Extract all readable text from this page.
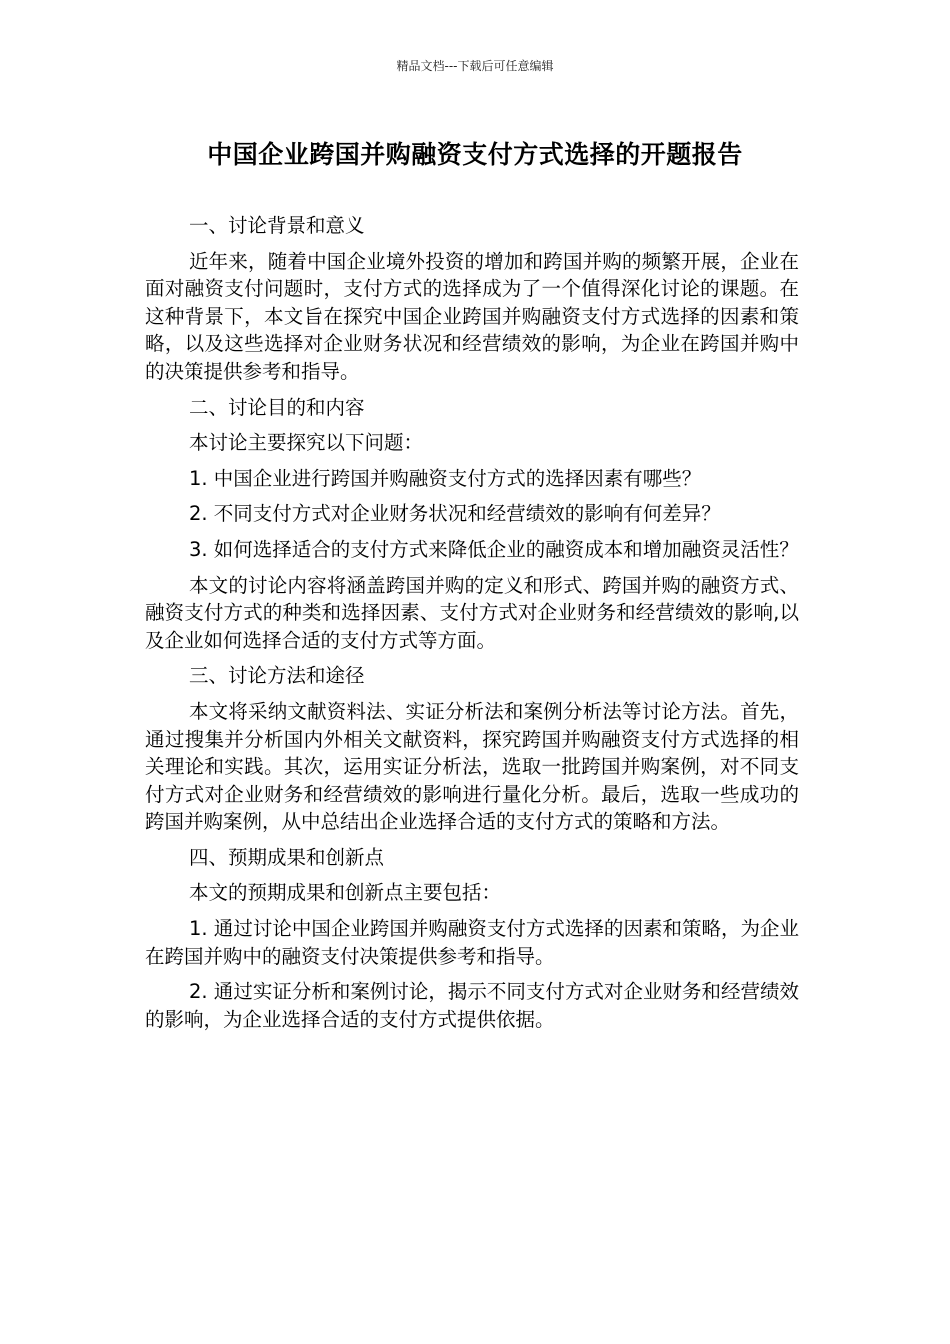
精品文档---下载后可任意编辑
中国企业跨国并购融资支付方式选择的开题报告

一、讨论背景和意义

近年来，随着中国企业境外投资的增加和跨国并购的频繁开展，企业在面对融资支付问题时，支付方式的选择成为了一个值得深化讨论的课题。在这种背景下，本文旨在探究中国企业跨国并购融资支付方式选择的因素和策略，以及这些选择对企业财务状况和经营绩效的影响，为企业在跨国并购中的决策提供参考和指导。

二、讨论目的和内容

本讨论主要探究以下问题：

1. 中国企业进行跨国并购融资支付方式的选择因素有哪些？

2. 不同支付方式对企业财务状况和经营绩效的影响有何差异？

3. 如何选择适合的支付方式来降低企业的融资成本和增加融资灵活性？

本文的讨论内容将涵盖跨国并购的定义和形式、跨国并购的融资方式、融资支付方式的种类和选择因素、支付方式对企业财务和经营绩效的影响,以及企业如何选择合适的支付方式等方面。

三、讨论方法和途径

本文将采纳文献资料法、实证分析法和案例分析法等讨论方法。首先，通过搜集并分析国内外相关文献资料，探究跨国并购融资支付方式选择的相关理论和实践。其次，运用实证分析法，选取一批跨国并购案例，对不同支付方式对企业财务和经营绩效的影响进行量化分析。最后，选取一些成功的跨国并购案例，从中总结出企业选择合适的支付方式的策略和方法。

四、预期成果和创新点

本文的预期成果和创新点主要包括：

1. 通过讨论中国企业跨国并购融资支付方式选择的因素和策略，为企业在跨国并购中的融资支付决策提供参考和指导。

2. 通过实证分析和案例讨论，揭示不同支付方式对企业财务和经营绩效的影响，为企业选择合适的支付方式提供依据。
